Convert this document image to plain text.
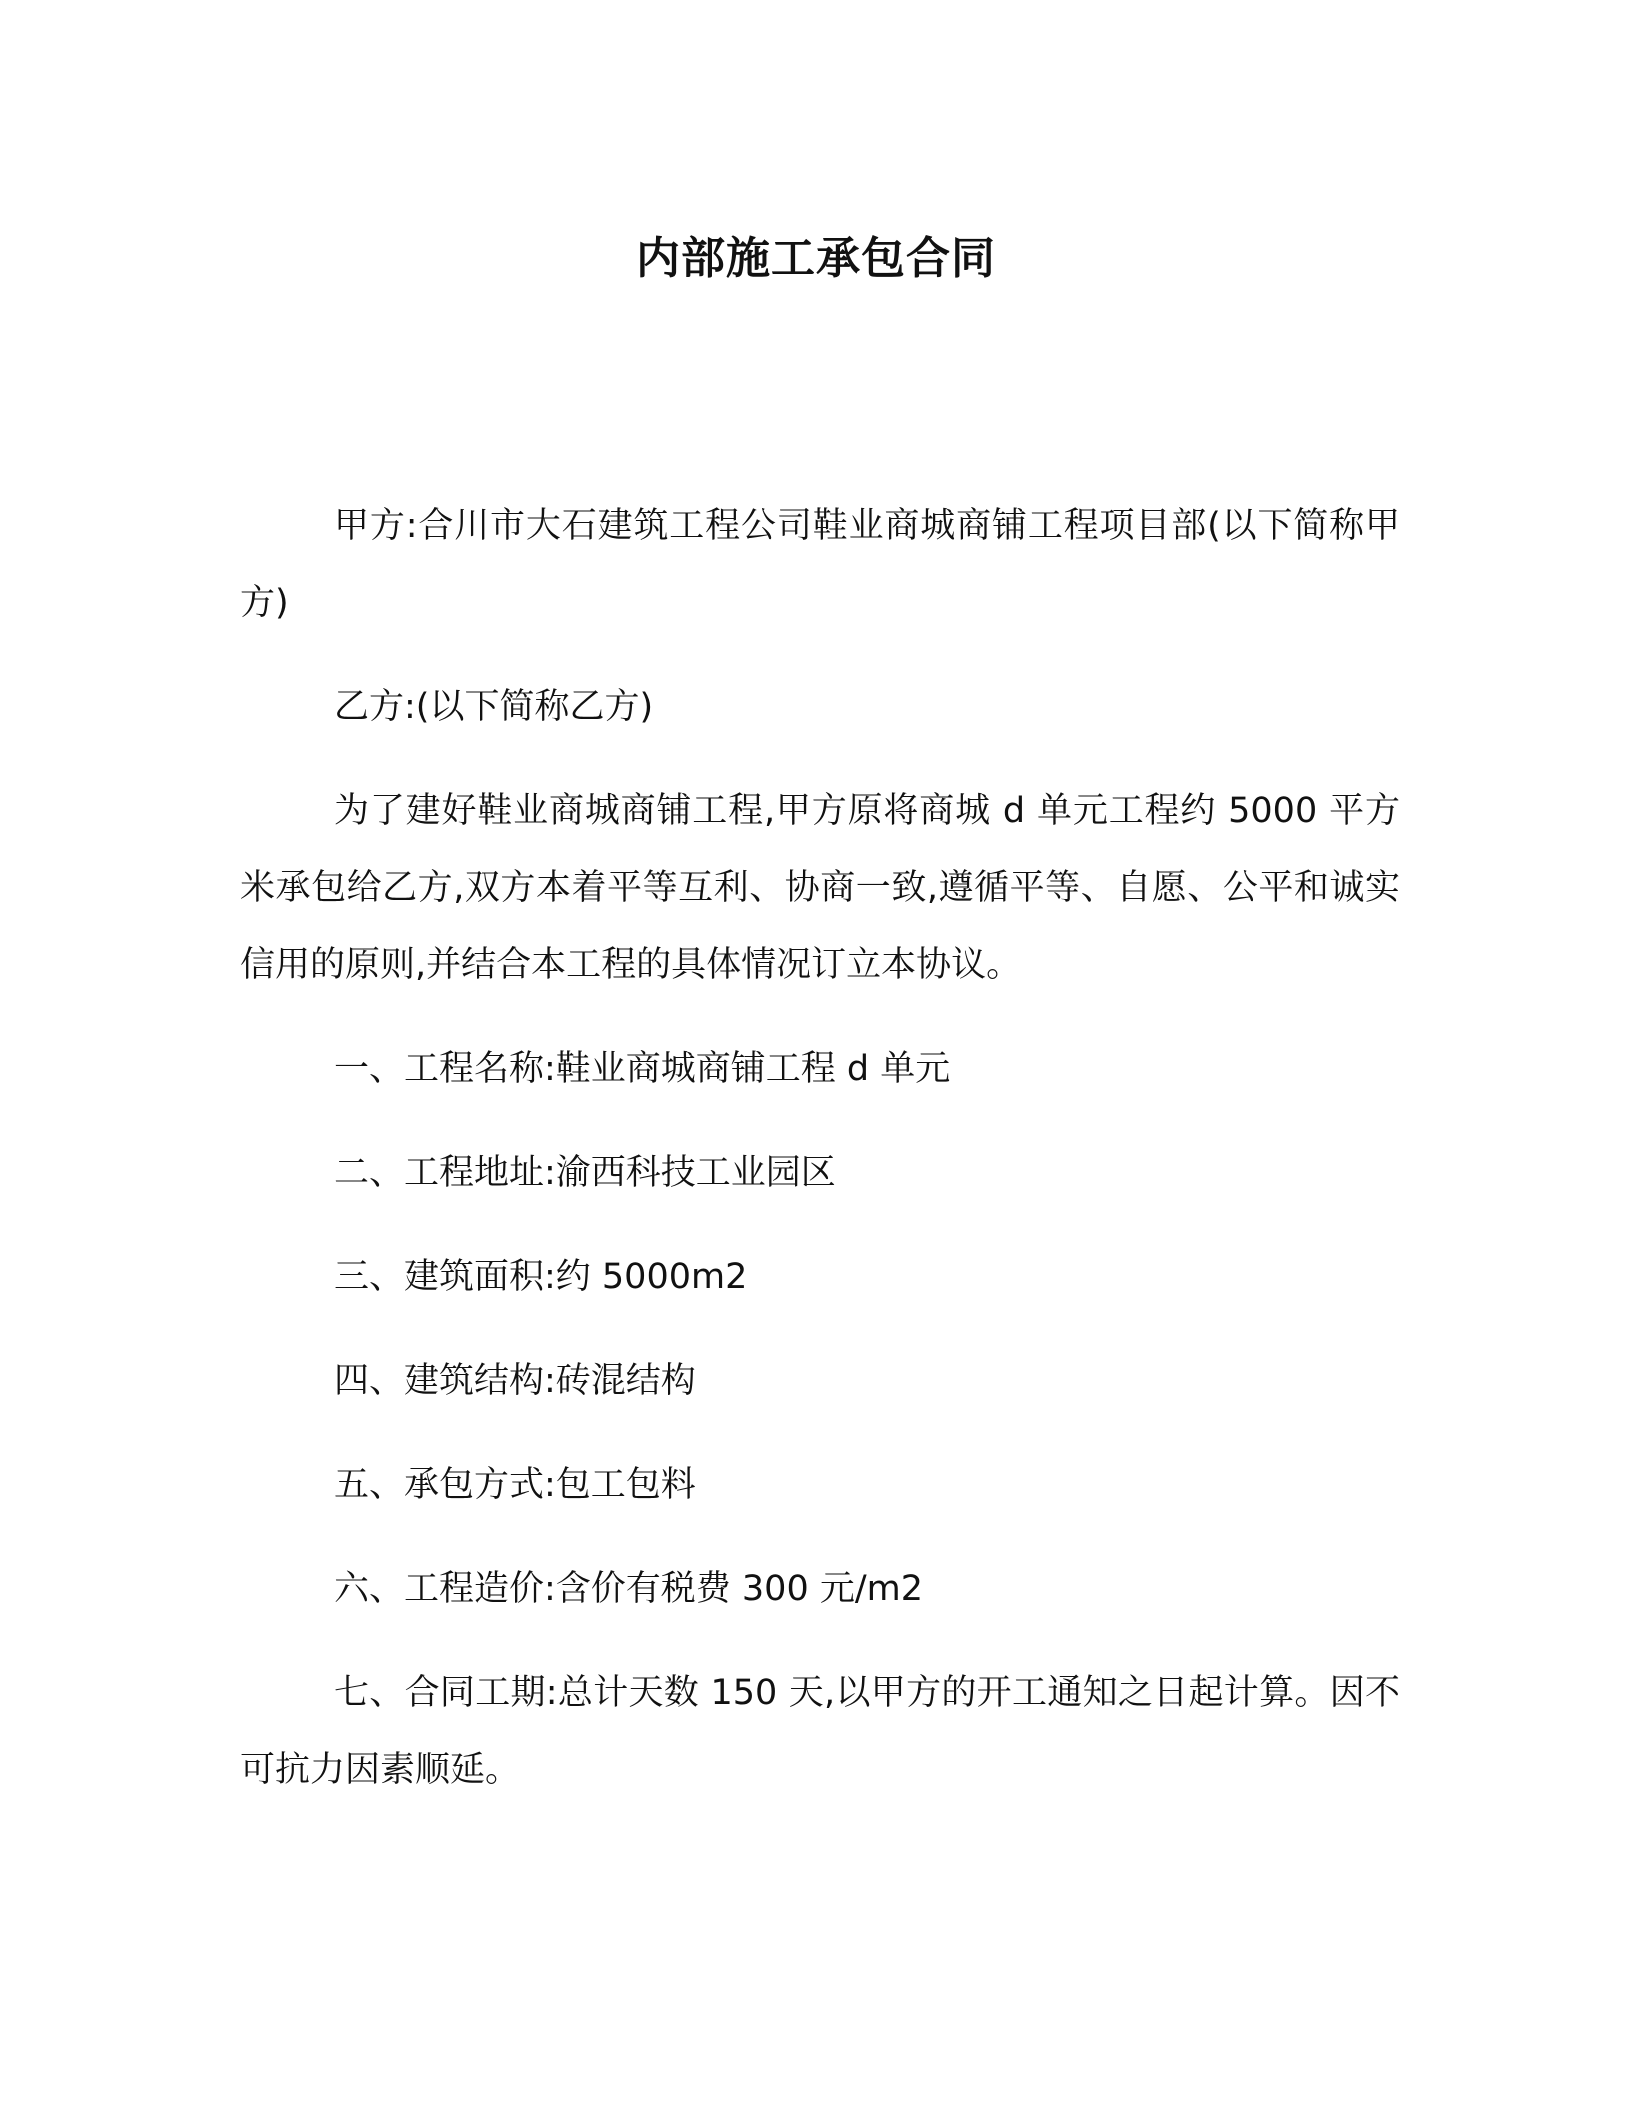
内部施工承包合同

甲方:合川市大石建筑工程公司鞋业商城商铺工程项目部(以下简称甲方)

乙方:(以下简称乙方)

为了建好鞋业商城商铺工程,甲方原将商城 d 单元工程约 5000 平方米承包给乙方,双方本着平等互利、协商一致,遵循平等、自愿、公平和诚实信用的原则,并结合本工程的具体情况订立本协议。

一、工程名称:鞋业商城商铺工程 d 单元

二、工程地址:渝西科技工业园区

三、建筑面积:约 5000m2

四、建筑结构:砖混结构

五、承包方式:包工包料

六、工程造价:含价有税费 300 元/m2

七、合同工期:总计天数 150 天,以甲方的开工通知之日起计算。因不可抗力因素顺延。
